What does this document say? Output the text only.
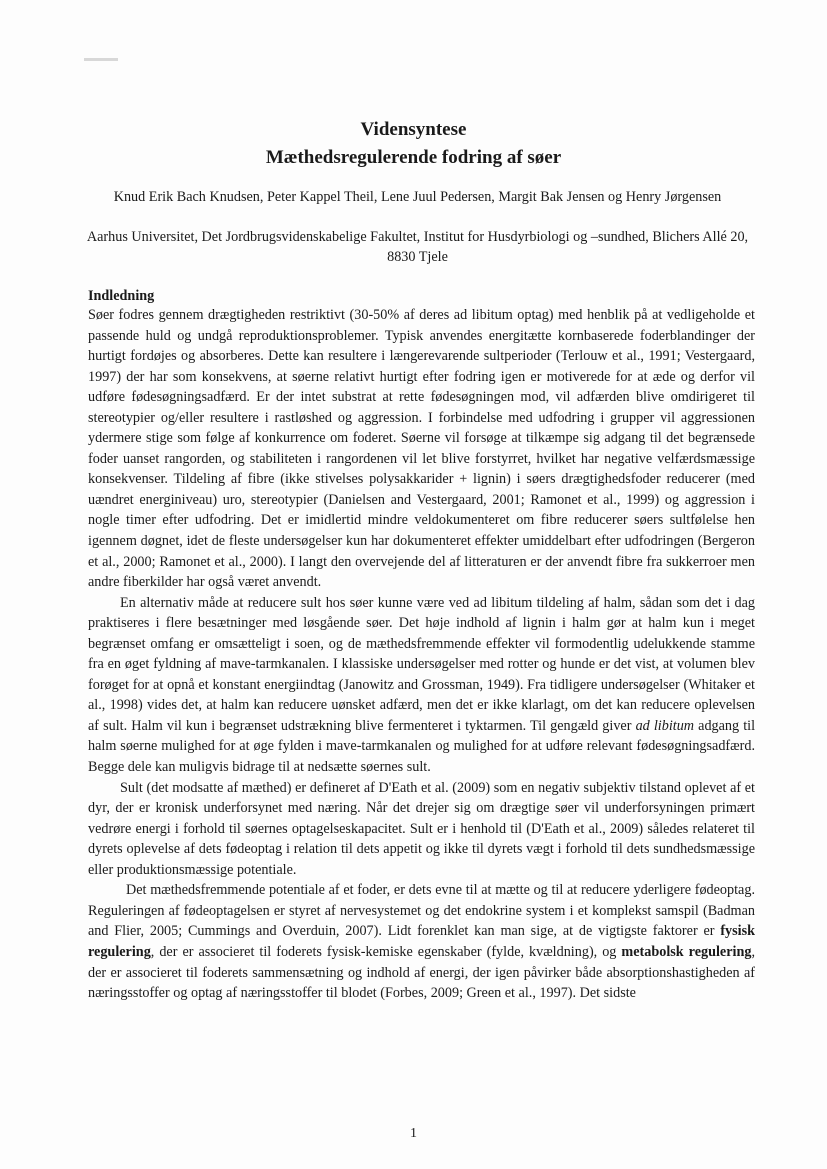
Vidensyntese
Mæthedsregulerende fodring af søer
Knud Erik Bach Knudsen, Peter Kappel Theil, Lene Juul Pedersen, Margit Bak Jensen og Henry Jørgensen
Aarhus Universitet, Det Jordbrugsvidenskabelige Fakultet, Institut for Husdyrbiologi og –sundhed, Blichers Allé 20, 8830 Tjele
Indledning

Søer fodres gennem drægtigheden restriktivt (30-50% af deres ad libitum optag) med henblik på at vedligeholde et passende huld og undgå reproduktionsproblemer. Typisk anvendes energitætte kornbaserede foderblandinger der hurtigt fordøjes og absorberes. Dette kan resultere i længerevarende sultperioder (Terlouw et al., 1991; Vestergaard, 1997) der har som konsekvens, at søerne relativt hurtigt efter fodring igen er motiverede for at æde og derfor vil udføre fødesøgningsadfærd. Er der intet substrat at rette fødesøgningen mod, vil adfærden blive omdirigeret til stereotypier og/eller resultere i rastløshed og aggression. I forbindelse med udfodring i grupper vil aggressionen ydermere stige som følge af konkurrence om foderet. Søerne vil forsøge at tilkæmpe sig adgang til det begrænsede foder uanset rangorden, og stabiliteten i rangordenen vil let blive forstyrret, hvilket har negative velfærdsmæssige konsekvenser. Tildeling af fibre (ikke stivelses polysakkarider + lignin) i søers drægtighedsfoder reducerer (med uændret energiniveau) uro, stereotypier (Danielsen and Vestergaard, 2001; Ramonet et al., 1999) og aggression i nogle timer efter udfodring. Det er imidlertid mindre veldokumenteret om fibre reducerer søers sultfølelse hen igennem døgnet, idet de fleste undersøgelser kun har dokumenteret effekter umiddelbart efter udfodringen (Bergeron et al., 2000; Ramonet et al., 2000). I langt den overvejende del af litteraturen er der anvendt fibre fra sukkerroer men andre fiberkilder har også været anvendt.

En alternativ måde at reducere sult hos søer kunne være ved ad libitum tildeling af halm, sådan som det i dag praktiseres i flere besætninger med løsgående søer. Det høje indhold af lignin i halm gør at halm kun i meget begrænset omfang er omsætteligt i soen, og de mæthedsfremmende effekter vil formodentlig udelukkende stamme fra en øget fyldning af mave-tarmkanalen. I klassiske undersøgelser med rotter og hunde er det vist, at volumen blev forøget for at opnå et konstant energiindtag (Janowitz and Grossman, 1949). Fra tidligere undersøgelser (Whitaker et al., 1998) vides det, at halm kan reducere uønsket adfærd, men det er ikke klarlagt, om det kan reducere oplevelsen af sult. Halm vil kun i begrænset udstrækning blive fermenteret i tyktarmen. Til gengæld giver ad libitum adgang til halm søerne mulighed for at øge fylden i mave-tarmkanalen og mulighed for at udføre relevant fødesøgningsadfærd. Begge dele kan muligvis bidrage til at nedsætte søernes sult.

Sult (det modsatte af mæthed) er defineret af D'Eath et al. (2009) som en negativ subjektiv tilstand oplevet af et dyr, der er kronisk underforsynet med næring. Når det drejer sig om drægtige søer vil underforsyningen primært vedrøre energi i forhold til søernes optagelseskapacitet. Sult er i henhold til (D'Eath et al., 2009) således relateret til dyrets oplevelse af dets fødeoptag i relation til dets appetit og ikke til dyrets vægt i forhold til dets sundhedsmæssige eller produktionsmæssige potentiale.

Det mæthedsfremmende potentiale af et foder, er dets evne til at mætte og til at reducere yderligere fødeoptag. Reguleringen af fødeoptagelsen er styret af nervesystemet og det endokrine system i et komplekst samspil (Badman and Flier, 2005; Cummings and Overduin, 2007). Lidt forenklet kan man sige, at de vigtigste faktorer er fysisk regulering, der er associeret til foderets fysisk-kemiske egenskaber (fylde, kvældning), og metabolsk regulering, der er associeret til foderets sammensætning og indhold af energi, der igen påvirker både absorptionshastigheden af næringsstoffer og optag af næringsstoffer til blodet (Forbes, 2009; Green et al., 1997). Det sidste

1
